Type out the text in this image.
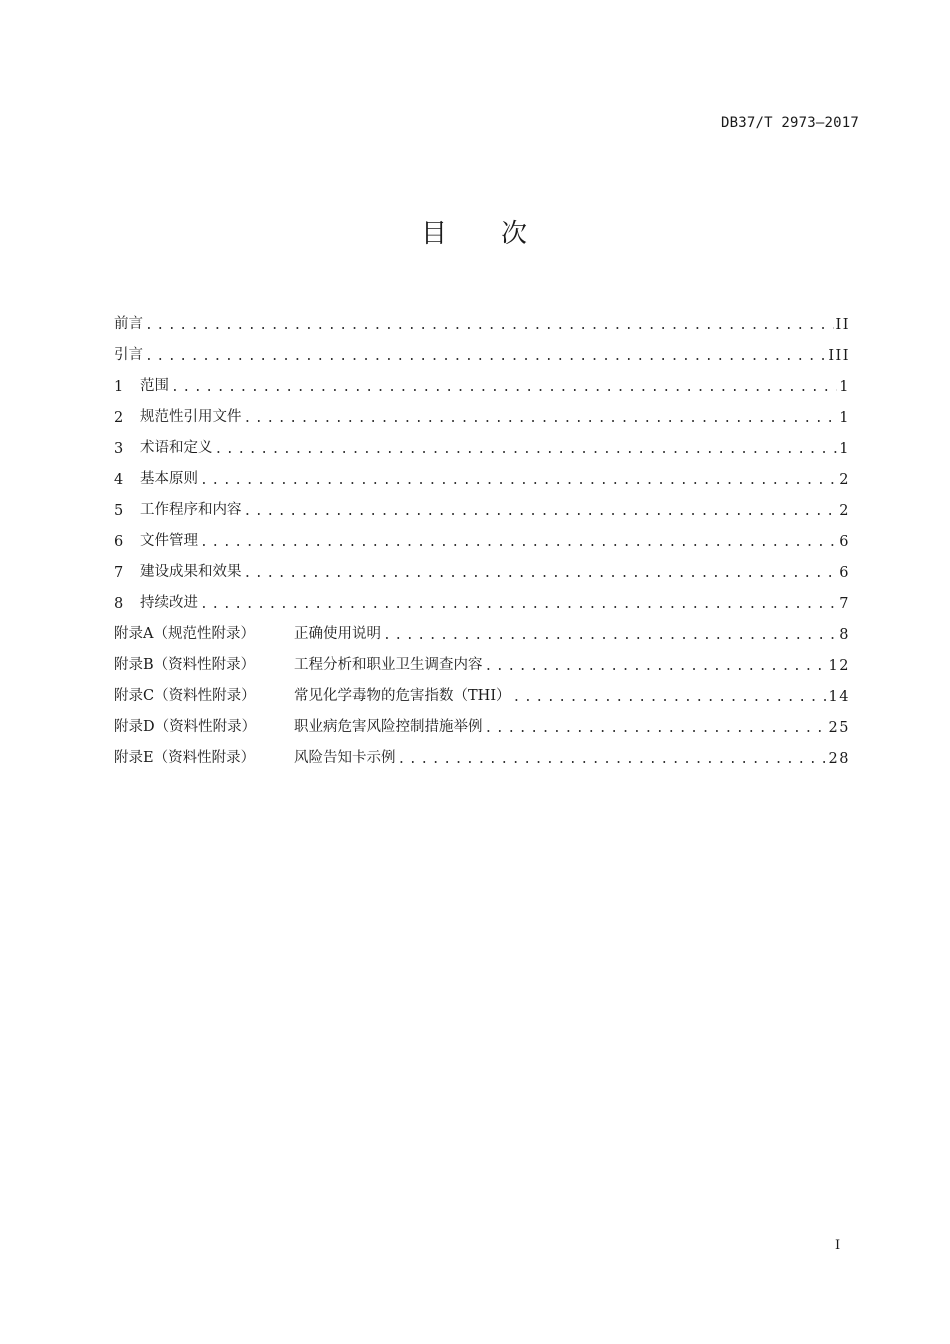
DB37/T 2973—2017
目 次
前言 .....	II
引言 .....	III
1	范围 .....	1
2	规范性引用文件 .....	1
3	术语和定义 .....	1
4	基本原则 .....	2
5	工作程序和内容 .....	2
6	文件管理 .....	6
7	建设成果和效果 .....	6
8	持续改进 .....	7
附录A（规范性附录）	正确使用说明 .....	8
附录B（资料性附录）	工程分析和职业卫生调查内容 .....	12
附录C（资料性附录）	常见化学毒物的危害指数（THI） .....	14
附录D（资料性附录）	职业病危害风险控制措施举例 .....	25
附录E（资料性附录）	风险告知卡示例 .....	28
I
